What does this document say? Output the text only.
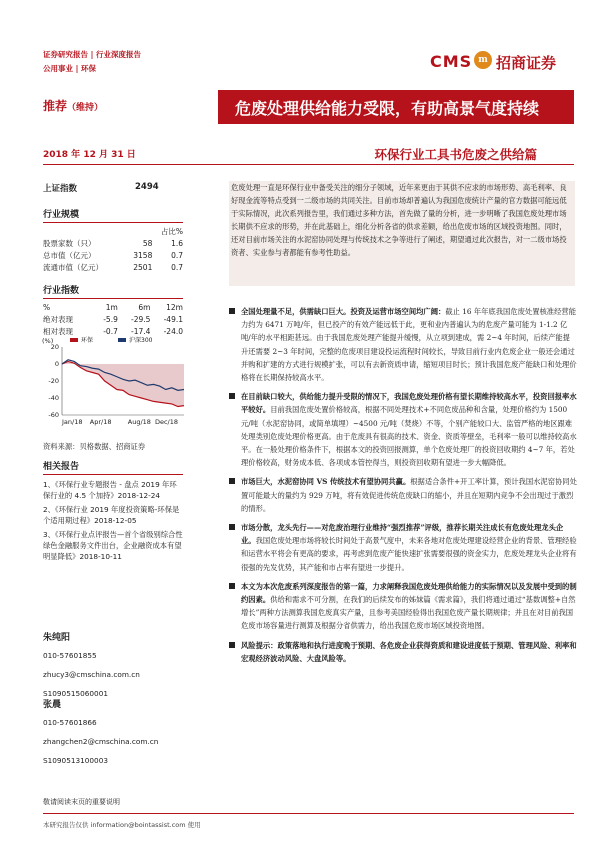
证券研究报告 | 行业深度报告
公用事业 | 环保	CMS m 招商证券
推荐（维持）	危废处理供给能力受限，有助高景气度持续
2018 年 12 月 31 日	环保行业工具书危废之供给篇
上证指数	2494
行业规模
		占比%
股票家数（只）	58	1.6
总市值（亿元）	3158	0.7
流通市值（亿元）	2501	0.7
行业指数
%	1m	6m	12m
绝对表现	-5.9	-29.5	-49.1
相对表现	-0.7	-17.4	-24.0
(%)
20
0
-20
-40
-60
Jan/18 Apr/18 Aug/18 Dec/18
环保	沪深300
资料来源：贝格数据、招商证券
相关报告
1、《环保行业专题报告 - 盘点 2019 年环保行业的 4.5 个加持》2018-12-24
2、《环保行业 2019 年度投资策略-环保是个适用期过程》2018-12-05
3、《环保行业点评报告—首个省级别综合性绿色金融服务文件出台，企业融资成本有望明显降低》2018-10-11
朱纯阳
010-57601855
zhucy3@cmschina.com.cn
S1090515060001
张晨
010-57601866
zhangchen2@cmschina.com.cn
S1090513100003
危废处理一直是环保行业中备受关注的细分子领域，近年来更由于其供不应求的市场形势、高毛利率、良好现金流等特点受到一二级市场的共同关注。目前市场却普遍认为我国危废统计产量的官方数据可能远低于实际情况，此次系列报告里，我们通过多种方法，首先做了量的分析，进一步明晰了我国危废处理市场长期供不应求的形势，并在此基础上，细化分析各省的供求差额，给出危废市场的区域投资地图。同时，还对目前市场关注的水泥窑协同处理与传统技术之争等进行了阐述，期望通过此次报告，对一二级市场投资者、实业参与者都能有参考性助益。
全国处理量不足，供需缺口巨大。投资及运营市场空间均广阔：截止 16 年年底我国危废处置核准经营能力约为 6471 万吨/年，但已投产的有效产能远低于此，更和业内普遍认为的危废产量可能为 1-1.2 亿吨/年的水平相距甚远。由于我国危废处理产能提升缓慢，从立项到建成，需 2~4 年时间，后续产能提升还需要 2~3 年时间，完整的危废项目建设投运流程时间较长，导致目前行业内危废企业一般还会通过并购和扩建的方式进行规模扩张，可以有去新资质申请，缩短项目时长；预计我国危废产能缺口和处理价格将在长期保持较高水平。
在目前缺口较大，供给能力提升受限的情况下，我国危废处理价格有望长期维持较高水平，投资回报率水平较好。目前我国危废处置价格较高，根据不同处理技术+不同危废品种和含量，处理价格约为 1500 元/吨（水泥窑协同，或简单填埋）~4500 元/吨（焚烧）不等，个别产能较口大、监管严格的地区跟难处理类别危废处理价格更高。由于危废具有很高的技术、资金、资质等壁垒，毛利率一般可以维持较高水平。在一般处理价格条件下，根据本文的投资回报测算，单个危废处理厂的投资回收期约 4~7 年，若处理价格较高，财务成本低、各项成本管控得当，则投资回收期有望进一步大幅降低。
市场巨大，水泥窑协同 VS 传统技术有望协同共赢。根据适合条件+开工率计算，预计我国水泥窑协同处置可能最大的量约为 929 万吨，将有效促进传统危废缺口的缩小，并且在短期内竞争不会出现过于激烈的情形。
市场分散，龙头先行——对危废治理行业维持“强烈推荐”评级，推荐长期关注成长有危废处理龙头企业。我国危废处理市场将较长时间处于高景气度中，未来各地对危废处理建设经营企业的背景、管理经验和运营水平将会有更高的要求，再考虑到危废产能快速扩张需要很强的资金实力，危废处理龙头企业将有很强的先发优势，其产能和市占率有望进一步提升。
本文为本次危废系列深度报告的第一篇，力求阐释我国危废处理供给能力的实际情况以及发展中受到的制约因素。供给和需求不可分割，在我们的后续发布的姊妹篇《需求篇》，我们将通过通过“基数调整+自然增长”两种方法测算我国危废真实产量，且参考美国经验得出我国危废产量长期规律；并且在对目前我国危废市场容量进行测算及根据分省供需力，给出我国危废市场区域投资地图。
风险提示：政策落地和执行进度晚于预期、各危废企业获得资质和建设进度低于预期、管理风险、利率和宏观经济波动风险、大盘风险等。
敬请阅读末页的重要说明
本研究报告仅供 information@bointassist.com 使用
